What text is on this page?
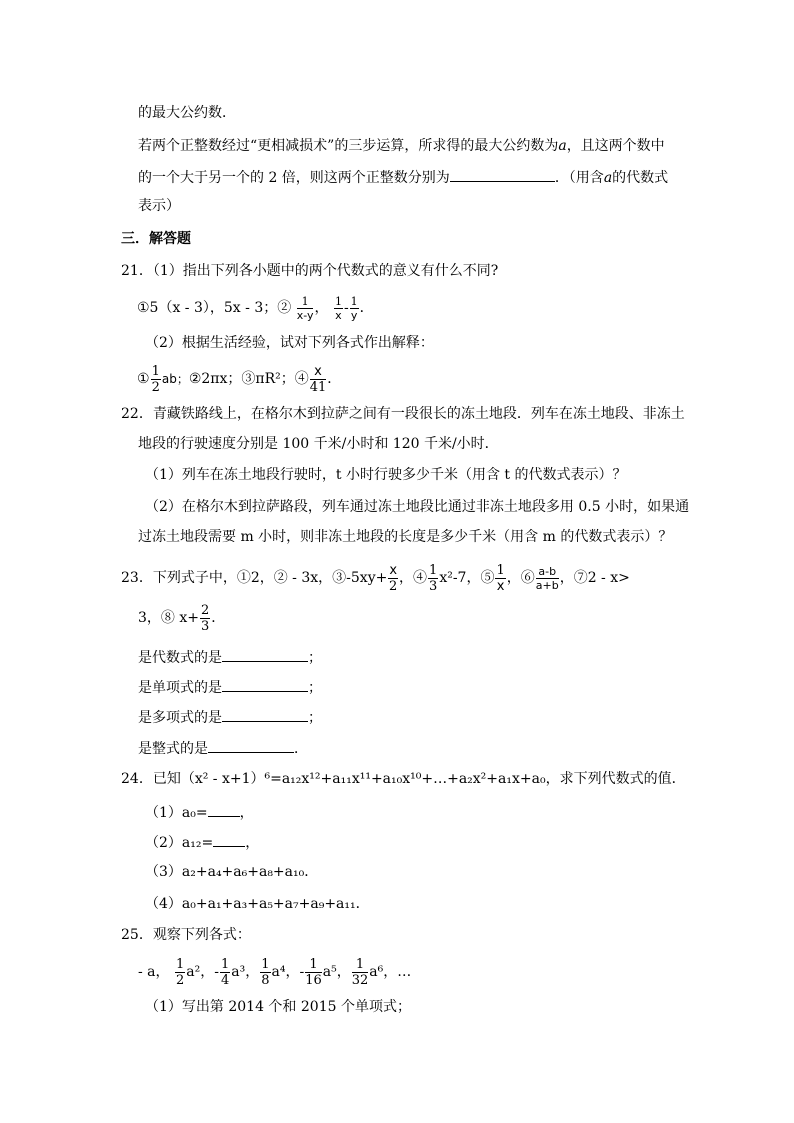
的最大公约数．
若两个正整数经过“更相减损术”的三步运算，所求得的最大公约数为a，且这两个数中
的一个大于另一个的 2 倍，则这两个正整数分别为	．（用含a的代数式
表示）
三．解答题
21．（1）指出下列各小题中的两个代数式的意义有什么不同?
①5（x - 3），5x - 3；② $\frac{1}{x-y}$ ， $\frac{1}{x} - \frac{1}{y}$ ．
（2）根据生活经验，试对下列各式作出解释：
① $\frac{1}{2}$ ab；②2πx；③πR²；④ $\frac{x}{41}$ ．
22．青藏铁路线上，在格尔木到拉萨之间有一段很长的冻土地段．列车在冻土地段、非冻土
地段的行驶速度分别是 100 千米/小时和 120 千米/小时．
（1）列车在冻土地段行驶时，t 小时行驶多少千米（用含 t 的代数式表示）？
（2）在格尔木到拉萨路段，列车通过冻土地段比通过非冻土地段多用 0.5 小时，如果通
过冻土地段需要 m 小时，则非冻土地段的长度是多少千米（用含 m 的代数式表示）？
23．下列式子中，①2，② - 3x，③-5xy+ $\frac{x}{2}$ ，④ $\frac{1}{3} x^2-7$，⑤ $\frac{1}{x}$ ，⑥ $\frac{a-b}{a+b}$ ，⑦2 - x>
3，⑧ $x+ \frac{2}{3}$ ．
是代数式的是	；
是单项式的是	；
是多项式的是	；
是整式的是	．
24．已知（x² - x+1）⁶=a₁₂x¹²+a₁₁x¹¹+a₁₀x¹⁰+…+a₂x²+a₁x+a₀，求下列代数式的值．
（1）a₀= ，
（2）a₁₂= ，
（3）a₂+a₄+a₆+a₈+a₁₀．
（4）a₀+a₁+a₃+a₅+a₇+a₉+a₁₁．
25．观察下列各式：
- a， $\frac{1}{2} a^2$，- $\frac{1}{4} a^3$， $\frac{1}{8} a^4$，- $\frac{1}{16} a^5$， $\frac{1}{32} a^6$，…
（1）写出第 2014 个和 2015 个单项式；
